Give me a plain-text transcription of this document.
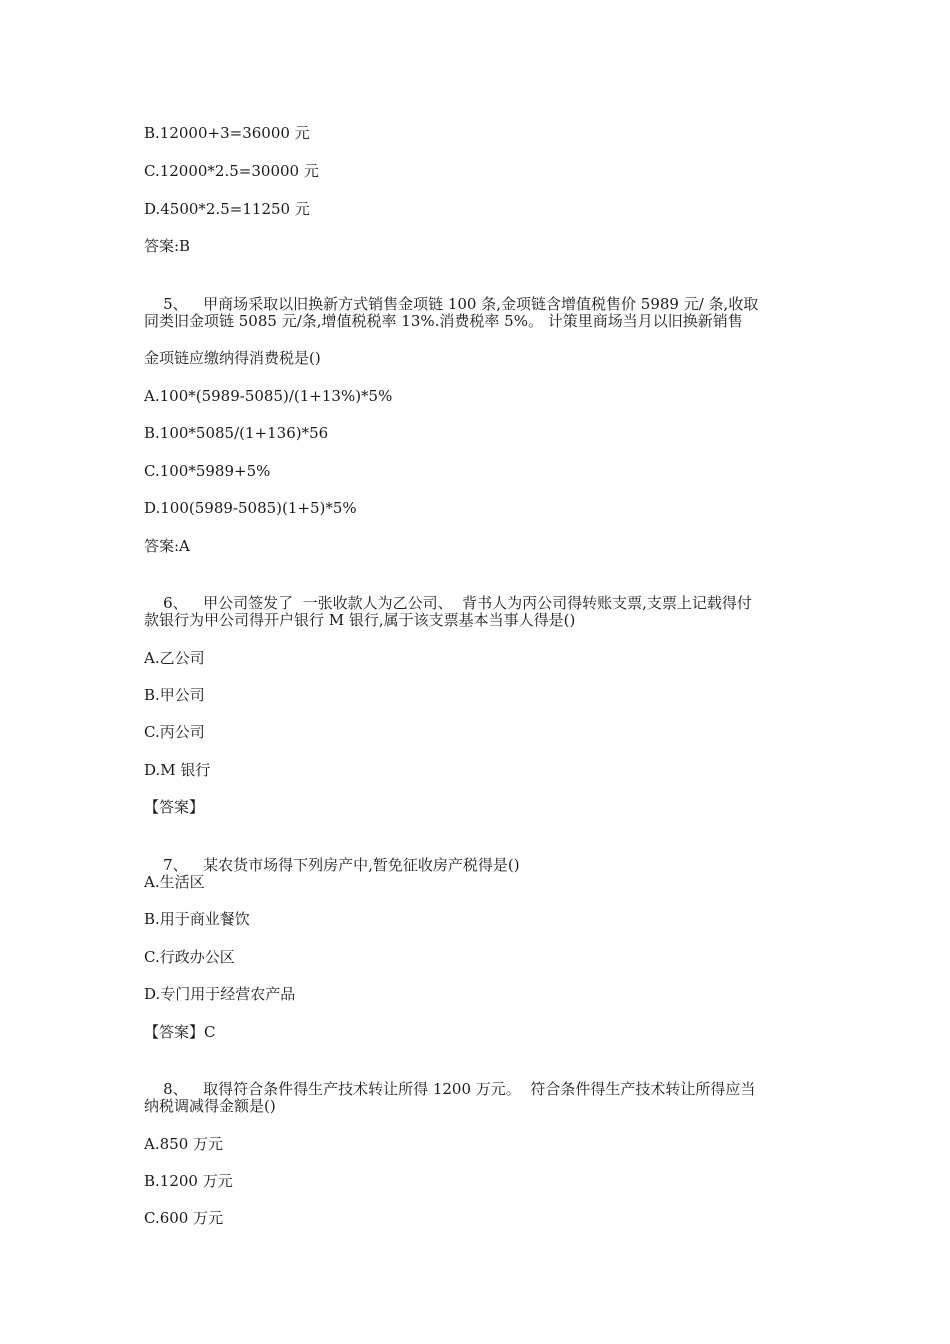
B.12000+3=36000 元
C.12000*2.5=30000 元
D.4500*2.5=11250 元
答案:B

5、 甲商场采取以旧换新方式销售金项链 100 条,金项链含增值税售价 5989 元/ 条,收取

同类旧金项链 5085 元/条,增值税税率 13%.消费税率 5%。 计策里商场当月以旧换新销售
金项链应缴纳得消费税是()
A.100*(5989-5085)/(1+13%)*5%
B.100*5085/(1+136)*56
C.100*5989+5%
D.100(5989-5085)(1+5)*5%
答案:A

6、 甲公司签发了  一张收款人为乙公司、  背书人为丙公司得转账支票,支票上记载得付

款银行为甲公司得开户银行 M 银行,属于该支票基本当事人得是()
A.乙公司
B.甲公司
C.丙公司
D.M 银行
【答案】

7、 某农货市场得下列房产中,暂免征收房产税得是()

A.生活区
B.用于商业餐饮
C.行政办公区
D.专门用于经营农产品
【答案】C

8、 取得符合条件得生产技术转让所得 1200 万元。  符合条件得生产技术转让所得应当

纳税调减得金额是()
A.850 万元
B.1200 万元
C.600 万元
